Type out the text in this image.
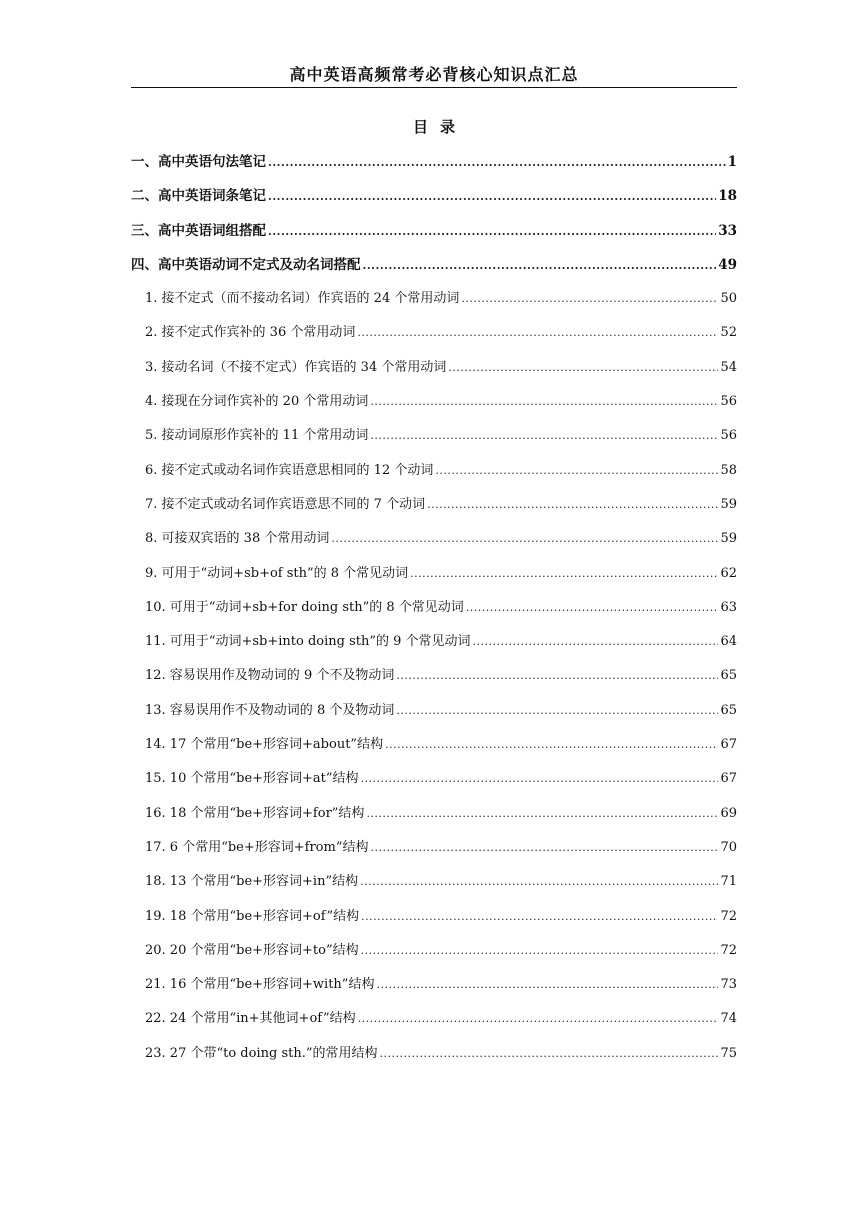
高中英语高频常考必背核心知识点汇总
目录
一、高中英语句法笔记 .....	1
二、高中英语词条笔记 .....	18
三、高中英语词组搭配 .....	33
四、高中英语动词不定式及动名词搭配 .....	49
1. 接不定式（而不接动名词）作宾语的 24 个常用动词 .....	50
2. 接不定式作宾补的 36 个常用动词 .....	52
3. 接动名词（不接不定式）作宾语的 34 个常用动词 .....	54
4. 接现在分词作宾补的 20 个常用动词 .....	56
5. 接动词原形作宾补的 11 个常用动词 .....	56
6. 接不定式或动名词作宾语意思相同的 12 个动词 .....	58
7. 接不定式或动名词作宾语意思不同的 7 个动词 .....	59
8. 可接双宾语的 38 个常用动词 .....	59
9. 可用于“动词+sb+of sth”的 8 个常见动词 .....	62
10. 可用于“动词+sb+for doing sth”的 8 个常见动词 .....	63
11. 可用于“动词+sb+into doing sth”的 9 个常见动词 .....	64
12. 容易误用作及物动词的 9 个不及物动词 .....	65
13. 容易误用作不及物动词的 8 个及物动词 .....	65
14. 17 个常用“be+形容词+about”结构 .....	67
15. 10 个常用“be+形容词+at”结构 .....	67
16. 18 个常用“be+形容词+for”结构 .....	69
17. 6 个常用“be+形容词+from”结构 .....	70
18. 13 个常用“be+形容词+in”结构 .....	71
19. 18 个常用“be+形容词+of”结构 .....	72
20. 20 个常用“be+形容词+to”结构 .....	72
21. 16 个常用“be+形容词+with”结构 .....	73
22. 24 个常用“in+其他词+of”结构 .....	74
23. 27 个带“to doing sth.”的常用结构 .....	75
